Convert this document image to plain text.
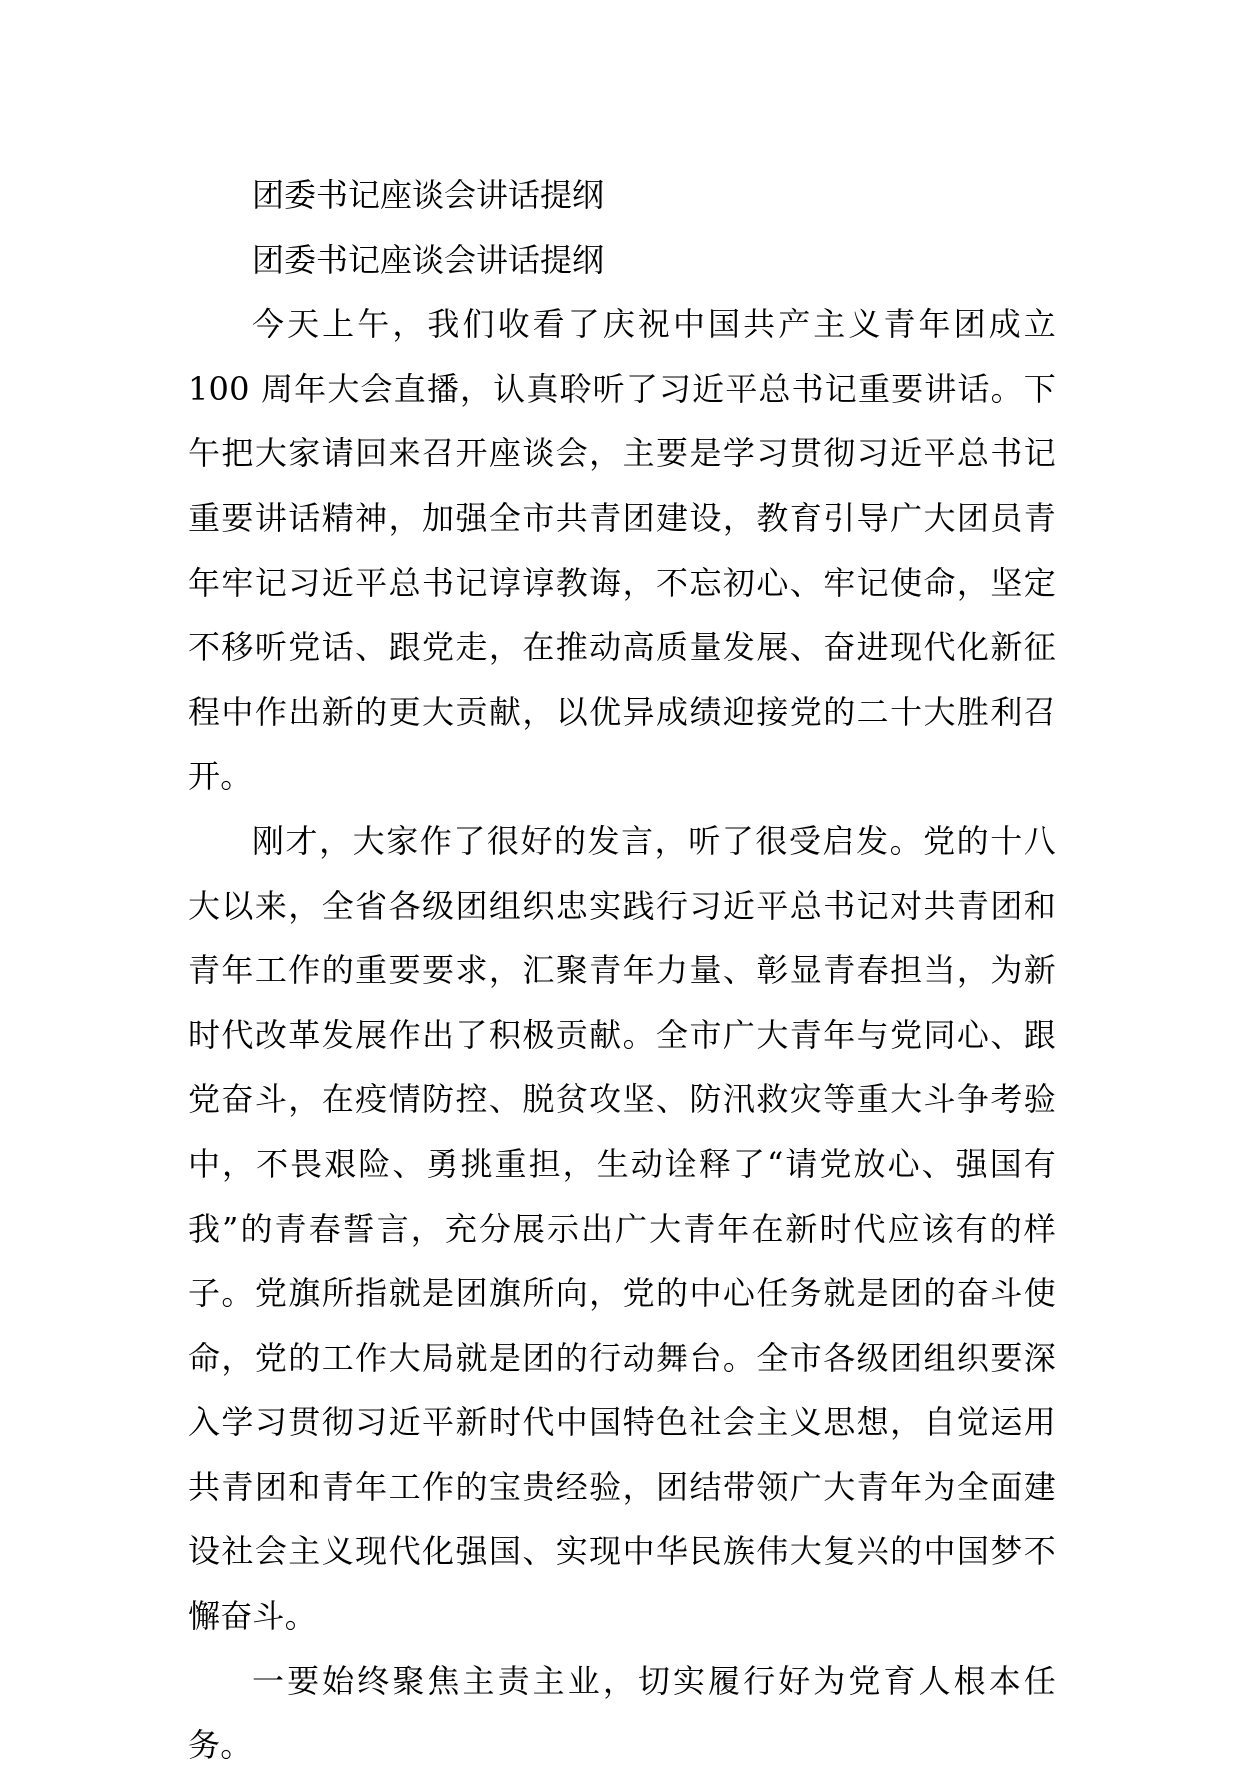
团委书记座谈会讲话提纲

团委书记座谈会讲话提纲

今天上午，我们收看了庆祝中国共产主义青年团成立 100 周年大会直播，认真聆听了习近平总书记重要讲话。下午把大家请回来召开座谈会，主要是学习贯彻习近平总书记重要讲话精神，加强全市共青团建设，教育引导广大团员青年牢记习近平总书记谆谆教诲，不忘初心、牢记使命，坚定不移听党话、跟党走，在推动高质量发展、奋进现代化新征程中作出新的更大贡献，以优异成绩迎接党的二十大胜利召开。

刚才，大家作了很好的发言，听了很受启发。党的十八大以来，全省各级团组织忠实践行习近平总书记对共青团和青年工作的重要要求，汇聚青年力量、彰显青春担当，为新时代改革发展作出了积极贡献。全市广大青年与党同心、跟党奋斗，在疫情防控、脱贫攻坚、防汛救灾等重大斗争考验中，不畏艰险、勇挑重担，生动诠释了“请党放心、强国有我”的青春誓言，充分展示出广大青年在新时代应该有的样子。党旗所指就是团旗所向，党的中心任务就是团的奋斗使命，党的工作大局就是团的行动舞台。全市各级团组织要深入学习贯彻习近平新时代中国特色社会主义思想，自觉运用共青团和青年工作的宝贵经验，团结带领广大青年为全面建设社会主义现代化强国、实现中华民族伟大复兴的中国梦不懈奋斗。

一要始终聚焦主责主业，切实履行好为党育人根本任务。
